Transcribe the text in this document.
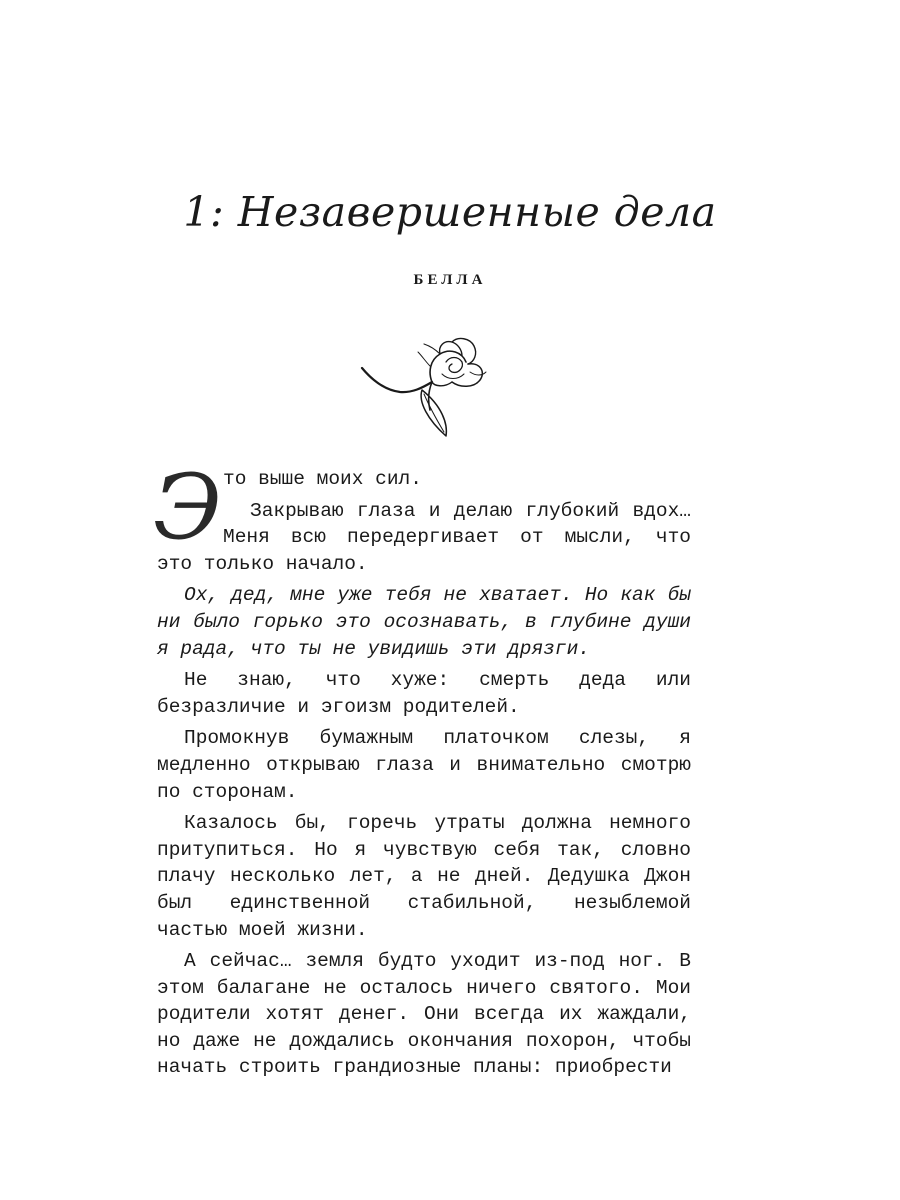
1: Незавершенные дела
БЕЛЛА

Это выше моих сил.

Закрываю глаза и делаю глубокий вдох… Меня всю передергивает от мысли, что это только начало.

Ох, дед, мне уже тебя не хватает. Но как бы ни было горько это осознавать, в глубине души я рада, что ты не увидишь эти дрязги.

Не знаю, что хуже: смерть деда или безразличие и эгоизм родителей.

Промокнув бумажным платочком слезы, я медленно открываю глаза и внимательно смотрю по сторонам.

Казалось бы, горечь утраты должна немного притупиться. Но я чувствую себя так, словно плачу несколько лет, а не дней. Дедушка Джон был единственной стабильной, незыблемой частью моей жизни.

А сейчас… земля будто уходит из-под ног. В этом балагане не осталось ничего святого. Мои родители хотят денег. Они всегда их жаждали, но даже не дождались окончания похорон, чтобы начать строить грандиозные планы: приобрести
